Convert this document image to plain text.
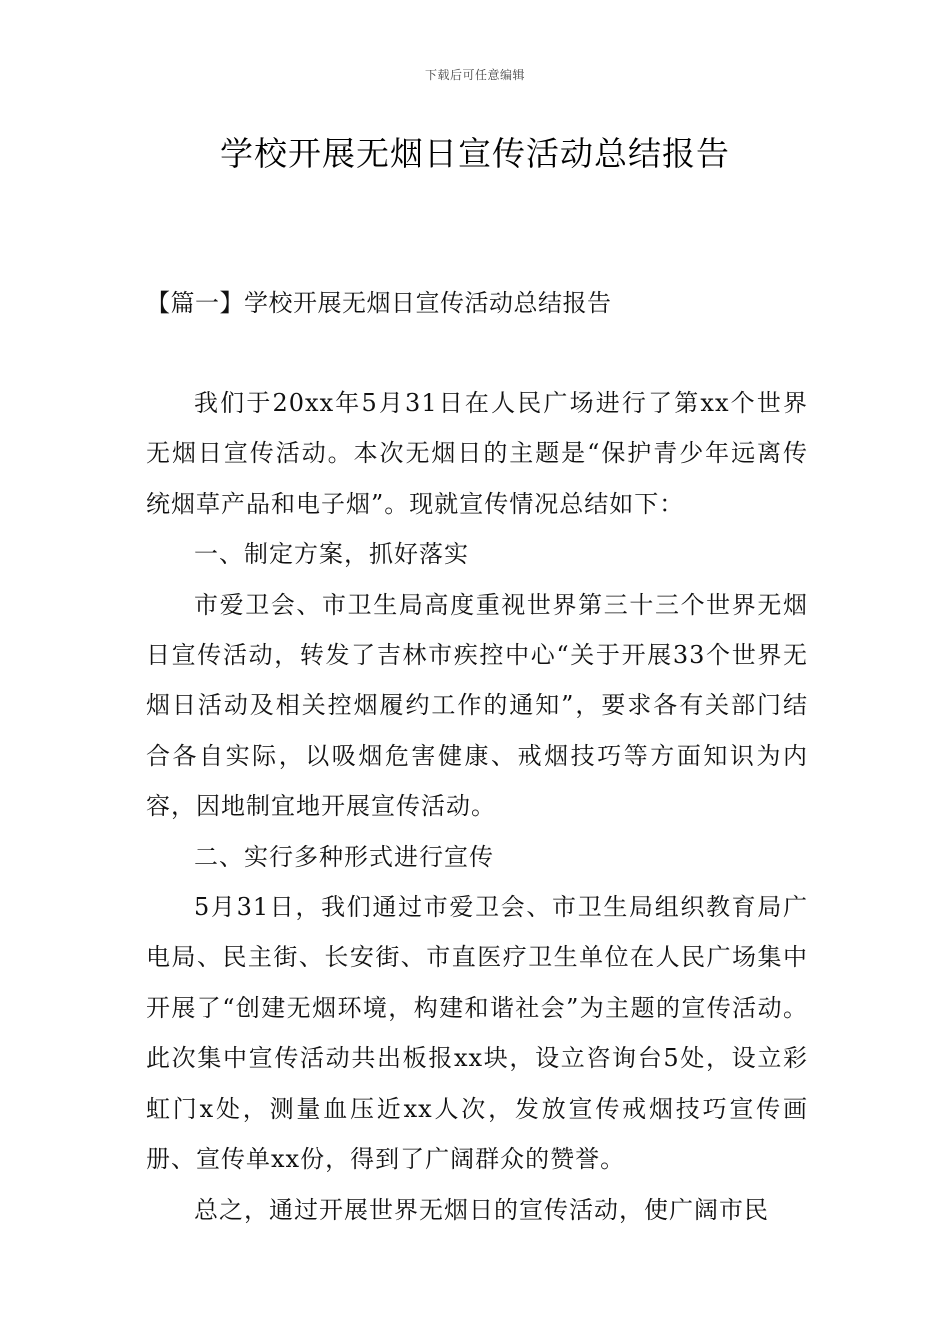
下载后可任意编辑
学校开展无烟日宣传活动总结报告
【篇一】学校开展无烟日宣传活动总结报告

我们于20xx年5月31日在人民广场进行了第xx个世界无烟日宣传活动。本次无烟日的主题是“保护青少年远离传统烟草产品和电子烟”。现就宣传情况总结如下：

一、制定方案，抓好落实

市爱卫会、市卫生局高度重视世界第三十三个世界无烟日宣传活动，转发了吉林市疾控中心“关于开展33个世界无烟日活动及相关控烟履约工作的通知”，要求各有关部门结合各自实际，以吸烟危害健康、戒烟技巧等方面知识为内容，因地制宜地开展宣传活动。

二、实行多种形式进行宣传

5月31日，我们通过市爱卫会、市卫生局组织教育局广电局、民主街、长安街、市直医疗卫生单位在人民广场集中开展了“创建无烟环境，构建和谐社会”为主题的宣传活动。此次集中宣传活动共出板报xx块，设立咨询台5处，设立彩虹门x处，测量血压近xx人次，发放宣传戒烟技巧宣传画册、宣传单xx份，得到了广阔群众的赞誉。

总之，通过开展世界无烟日的宣传活动，使广阔市民
